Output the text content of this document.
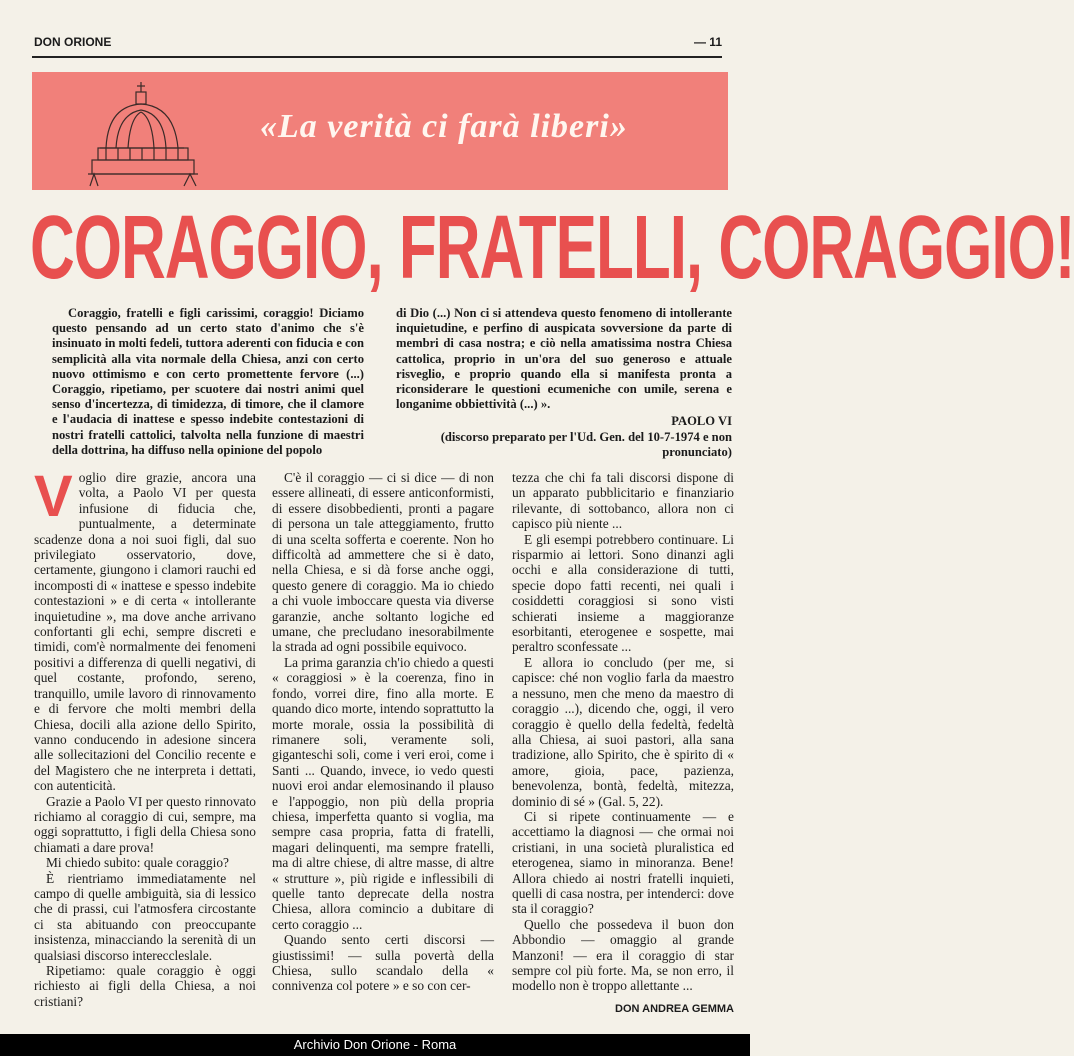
DON ORIONE	— 11
«La verità ci farà liberi»
CORAGGIO, FRATELLI, CORAGGIO!
Coraggio, fratelli e figli carissimi, coraggio! Diciamo questo pensando ad un certo stato d'animo che s'è insinuato in molti fedeli, tuttora aderenti con fiducia e con semplicità alla vita normale della Chiesa, anzi con certo nuovo ottimismo e con certo promettente fervore (...) Coraggio, ripetiamo, per scuotere dai nostri animi quel senso d'incertezza, di timidezza, di timore, che il clamore e l'audacia di inattese e spesso indebite contestazioni di nostri fratelli cattolici, talvolta nella funzione di maestri della dottrina, ha diffuso nella opinione del popolo
di Dio (...) Non ci si attendeva questo fenomeno di intollerante inquietudine, e perfino di auspicata sovversione da parte di membri di casa nostra; e ciò nella amatissima nostra Chiesa cattolica, proprio in un'ora del suo generoso e attuale risveglio, e proprio quando ella si manifesta pronta a riconsiderare le questioni ecumeniche con umile, serena e longanime obbiettività (...) ».
PAOLO VI
(discorso preparato per l'Ud. Gen. del 10-7-1974 e non pronunciato)

Voglio dire grazie, ancora una volta, a Paolo VI per questa infusione di fiducia che, puntualmente, a determinate scadenze dona a noi suoi figli, dal suo privilegiato osservatorio, dove, certamente, giungono i clamori rauchi ed incomposti di « inattese e spesso indebite contestazioni » e di certa « intollerante inquietudine », ma dove anche arrivano confortanti gli echi, sempre discreti e timidi, com'è normalmente dei fenomeni positivi a differenza di quelli negativi, di quel costante, profondo, sereno, tranquillo, umile lavoro di rinnovamento e di fervore che molti membri della Chiesa, docili alla azione dello Spirito, vanno conducendo in adesione sincera alle sollecitazioni del Concilio recente e del Magistero che ne interpreta i dettati, con autenticità.

Grazie a Paolo VI per questo rinnovato richiamo al coraggio di cui, sempre, ma oggi soprattutto, i figli della Chiesa sono chiamati a dare prova!

Mi chiedo subito: quale coraggio?

È rientriamo immediatamente nel campo di quelle ambiguità, sia di lessico che di prassi, cui l'atmosfera circostante ci sta abituando con preoccupante insistenza, minacciando la serenità di un qualsiasi discorso intereccleslale.

Ripetiamo: quale coraggio è oggi richiesto ai figli della Chiesa, a noi cristiani?

C'è il coraggio — ci si dice — di non essere allineati, di essere anticonformisti, di essere disobbedienti, pronti a pagare di persona un tale atteggiamento, frutto di una scelta sofferta e coerente. Non ho difficoltà ad ammettere che si è dato, nella Chiesa, e si dà forse anche oggi, questo genere di coraggio. Ma io chiedo a chi vuole imboccare questa via diverse garanzie, anche soltanto logiche ed umane, che precludano inesorabilmente la strada ad ogni possibile equivoco.

La prima garanzia ch'io chiedo a questi « coraggiosi » è la coerenza, fino in fondo, vorrei dire, fino alla morte. E quando dico morte, intendo soprattutto la morte morale, ossia la possibilità di rimanere soli, veramente soli, giganteschi soli, come i veri eroi, come i Santi ... Quando, invece, io vedo questi nuovi eroi andar elemosinando il plauso e l'appoggio, non più della propria chiesa, imperfetta quanto si voglia, ma sempre casa propria, fatta di fratelli, magari delinquenti, ma sempre fratelli, ma di altre chiese, di altre masse, di altre « strutture », più rigide e inflessibili di quelle tanto deprecate della nostra Chiesa, allora comincio a dubitare di certo coraggio ...

Quando sento certi discorsi — giustissimi! — sulla povertà della Chiesa, sullo scandalo della « connivenza col potere » e so con cer-

tezza che chi fa tali discorsi dispone di un apparato pubblicitario e finanziario rilevante, di sottobanco, allora non ci capisco più niente ...

E gli esempi potrebbero continuare. Li risparmio ai lettori. Sono dinanzi agli occhi e alla considerazione di tutti, specie dopo fatti recenti, nei quali i cosiddetti coraggiosi si sono visti schierati insieme a maggioranze esorbitanti, eterogenee e sospette, mai peraltro sconfessate ...

E allora io concludo (per me, si capisce: ché non voglio farla da maestro a nessuno, men che meno da maestro di coraggio ...), dicendo che, oggi, il vero coraggio è quello della fedeltà, fedeltà alla Chiesa, ai suoi pastori, alla sana tradizione, allo Spirito, che è spirito di « amore, gioia, pace, pazienza, benevolenza, bontà, fedeltà, mitezza, dominio di sé » (Gal. 5, 22).

Ci si ripete continuamente — e accettiamo la diagnosi — che ormai noi cristiani, in una società pluralistica ed eterogenea, siamo in minoranza. Bene! Allora chiedo ai nostri fratelli inquieti, quelli di casa nostra, per intenderci: dove sta il coraggio?

Quello che possedeva il buon don Abbondio — omaggio al grande Manzoni! — era il coraggio di star sempre col più forte. Ma, se non erro, il modello non è troppo allettante ...

DON ANDREA GEMMA
Archivio Don Orione - Roma
